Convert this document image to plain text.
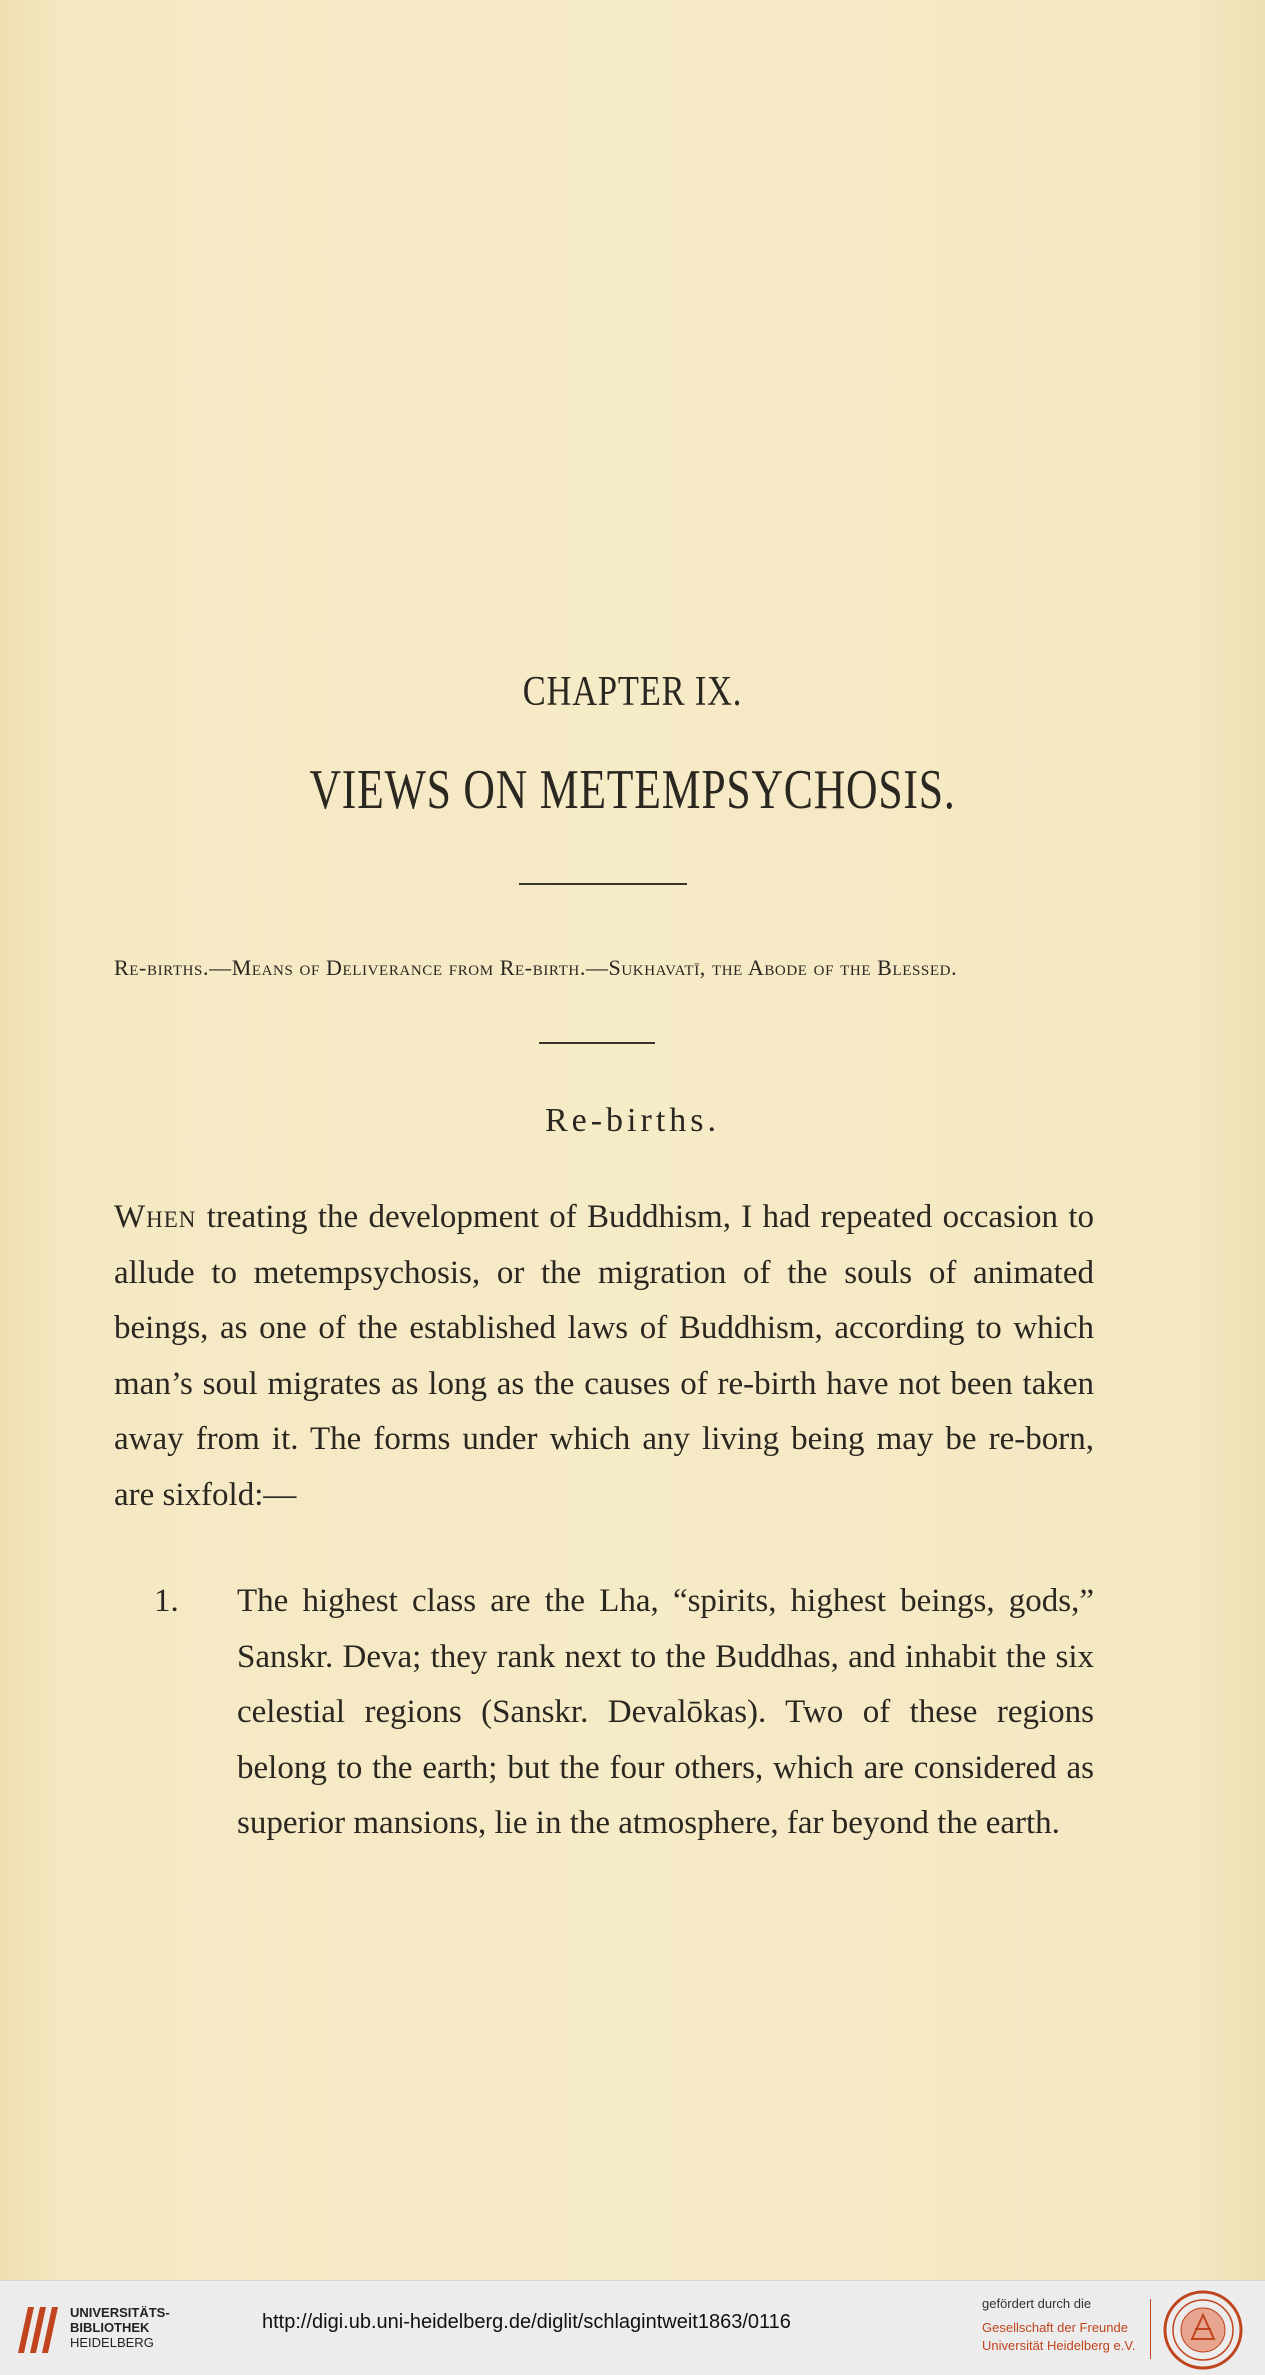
CHAPTER IX.
VIEWS ON METEMPSYCHOSIS.
Re-births.—Means of Deliverance from Re-birth.—Sukhavatī, the Abode of the Blessed.
Re-births.
When treating the development of Buddhism, I had repeated occasion to allude to metempsychosis, or the migration of the souls of animated beings, as one of the established laws of Buddhism, according to which man’s soul migrates as long as the causes of re-birth have not been taken away from it. The forms under which any living being may be re-born, are sixfold:—
1. The highest class are the Lha, “spirits, highest beings, gods,” Sanskr. Deva; they rank next to the Buddhas, and inhabit the six celestial regions (Sanskr. Devalōkas). Two of these regions belong to the earth; but the four others, which are considered as superior mansions, lie in the atmosphere, far beyond the earth.
UNIVERSITÄTS-
BIBLIOTHEK
HEIDELBERG
http://digi.ub.uni-heidelberg.de/diglit/schlagintweit1863/0116
gefördert durch die
Gesellschaft der Freunde
Universität Heidelberg e.V.
